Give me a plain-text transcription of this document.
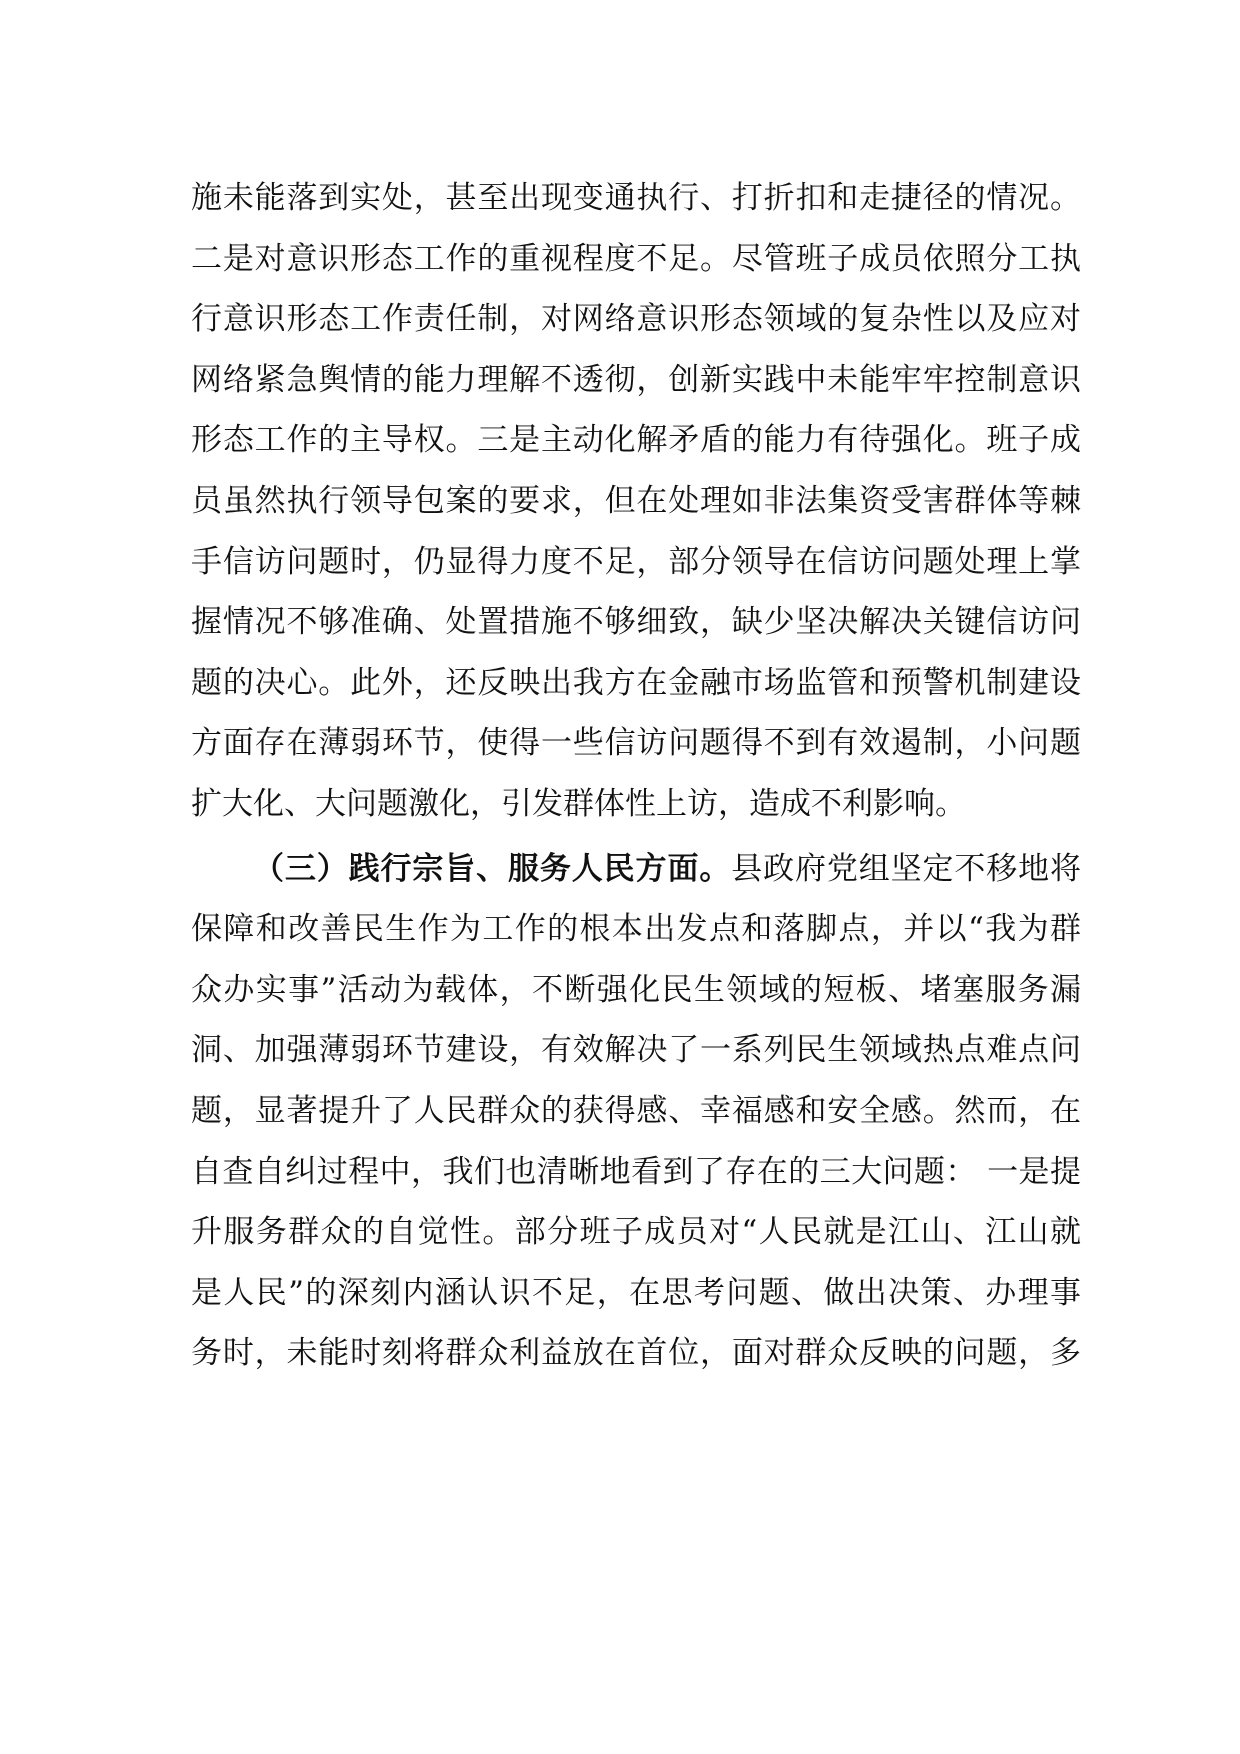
施未能落到实处，甚至出现变通执行、打折扣和走捷径的情况。
二是对意识形态工作的重视程度不足。尽管班子成员依照分工执
行意识形态工作责任制，对网络意识形态领域的复杂性以及应对
网络紧急舆情的能力理解不透彻，创新实践中未能牢牢控制意识
形态工作的主导权。三是主动化解矛盾的能力有待强化。班子成
员虽然执行领导包案的要求，但在处理如非法集资受害群体等棘
手信访问题时，仍显得力度不足，部分领导在信访问题处理上掌
握情况不够准确、处置措施不够细致，缺少坚决解决关键信访问
题的决心。此外，还反映出我方在金融市场监管和预警机制建设
方面存在薄弱环节，使得一些信访问题得不到有效遏制，小问题
扩大化、大问题激化，引发群体性上访，造成不利影响。

（三）践行宗旨、服务人民方面。县政府党组坚定不移地将
保障和改善民生作为工作的根本出发点和落脚点，并以“我为群
众办实事”活动为载体，不断强化民生领域的短板、堵塞服务漏
洞、加强薄弱环节建设，有效解决了一系列民生领域热点难点问
题，显著提升了人民群众的获得感、幸福感和安全感。然而，在
自查自纠过程中，我们也清晰地看到了存在的三大问题： 一是提
升服务群众的自觉性。部分班子成员对“人民就是江山、江山就
是人民”的深刻内涵认识不足，在思考问题、做出决策、办理事
务时，未能时刻将群众利益放在首位，面对群众反映的问题，多
